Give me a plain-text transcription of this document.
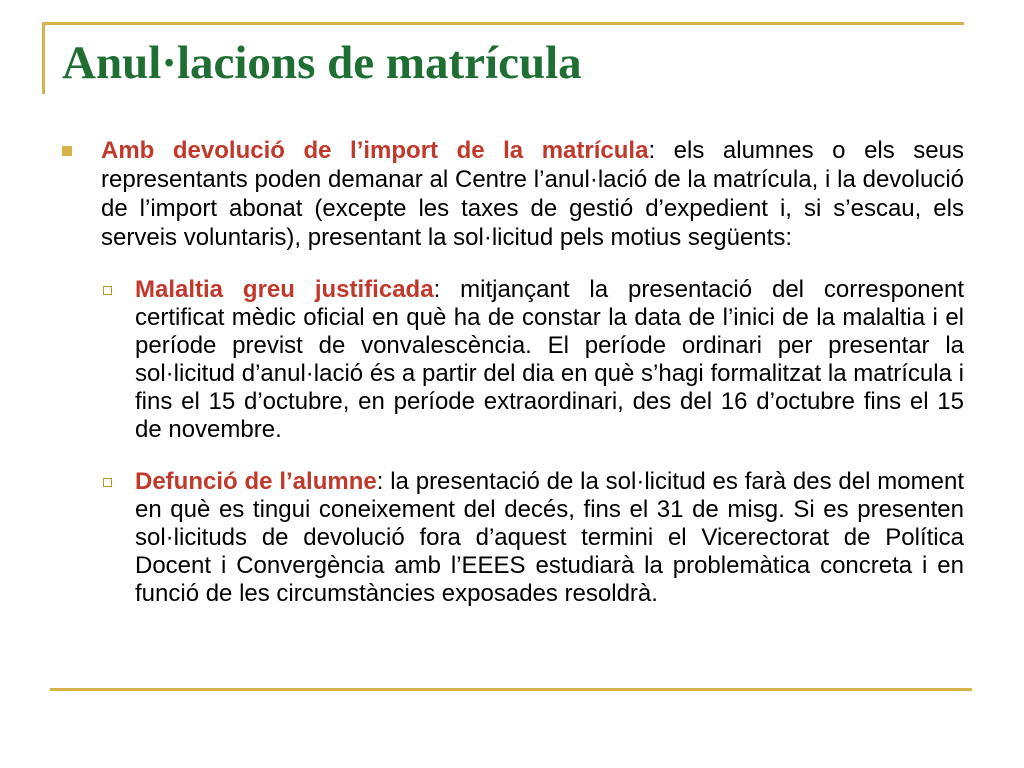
Anul·lacions de matrícula

Amb devolució de l’import de la matrícula: els alumnes o els seus representants poden demanar al Centre l’anul·lació de la matrícula, i la devolució de l’import abonat (excepte les taxes de gestió d’expedient i, si s’escau, els serveis voluntaris), presentant la sol·licitud pels motius següents:

Malaltia greu justificada: mitjançant la presentació del corresponent certificat mèdic oficial en què ha de constar la data de l’inici de la malaltia i el període previst de vonvalescència. El període ordinari per presentar la sol·licitud d’anul·lació és a partir del dia en què s’hagi formalitzat la matrícula i fins el 15 d’octubre, en període extraordinari, des del 16 d’octubre fins el 15 de novembre.

Defunció de l’alumne: la presentació de la sol·licitud es farà des del moment en què es tingui coneixement del decés, fins el 31 de misg. Si es presenten sol·licituds de devolució fora d’aquest termini el Vicerectorat de Política Docent i Convergència amb l’EEES estudiarà la problemàtica concreta i en funció de les circumstàncies exposades resoldrà.
